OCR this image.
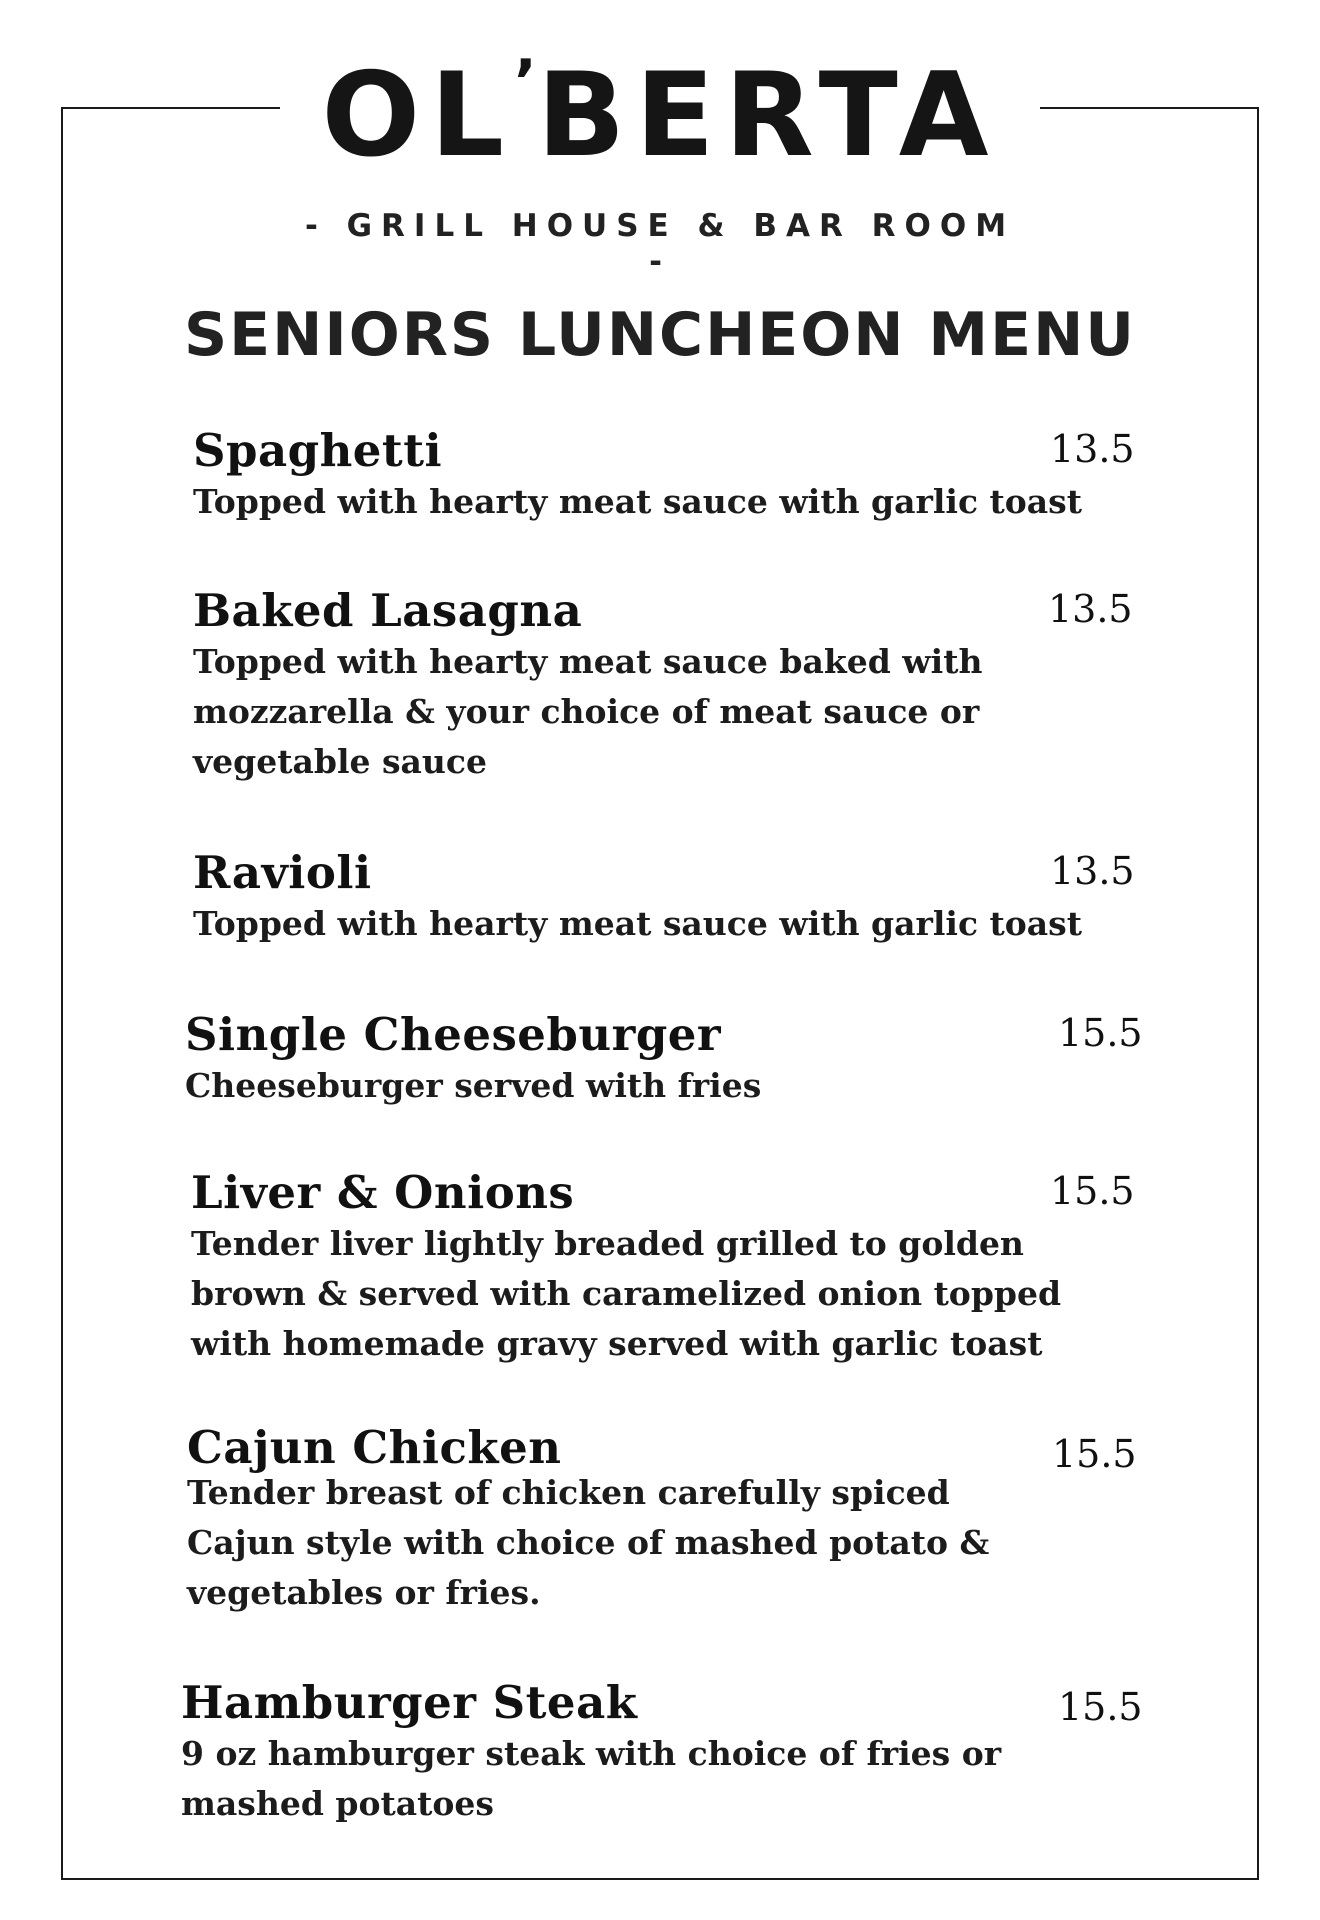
OL’BERTA
- GRILL HOUSE & BAR ROOM -
SENIORS LUNCHEON MENU
Spaghetti	13.5
Topped with hearty meat sauce with garlic toast
Baked Lasagna	13.5
Topped with hearty meat sauce baked with
mozzarella & your choice of meat sauce or
vegetable sauce
Ravioli	13.5
Topped with hearty meat sauce with garlic toast
Single Cheeseburger	15.5
Cheeseburger served with fries
Liver & Onions	15.5
Tender liver lightly breaded grilled to golden
brown & served with caramelized onion topped
with homemade gravy served with garlic toast
Cajun Chicken	15.5
Tender breast of chicken carefully spiced
Cajun style with choice of mashed potato &
vegetables or fries.
Hamburger Steak	15.5
9 oz hamburger steak with choice of fries or
mashed potatoes
